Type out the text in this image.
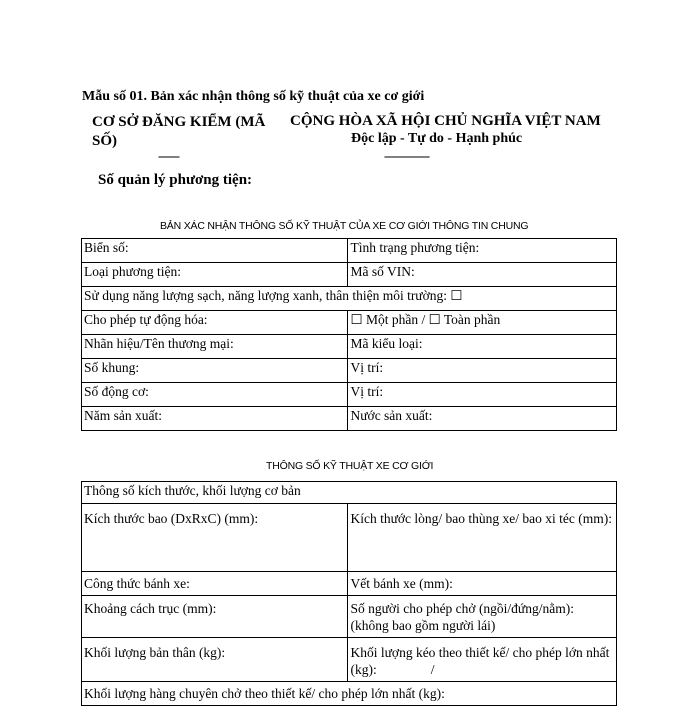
Mẫu số 01. Bản xác nhận thông số kỹ thuật của xe cơ giới
CƠ SỞ ĐĂNG KIỂM (MÃ SỐ)
-------
CỘNG HÒA XÃ HỘI CHỦ NGHĨA VIỆT NAM
Độc lập - Tự do - Hạnh phúc
---------------
Số quản lý phương tiện:
BẢN XÁC NHẬN THÔNG SỐ KỸ THUẬT CỦA XE CƠ GIỚI THÔNG TIN CHUNG
Biển số:	Tình trạng phương tiện:
Loại phương tiện:	Mã số VIN:
Sử dụng năng lượng sạch, năng lượng xanh, thân thiện môi trường: ☐	
Cho phép tự động hóa:	☐ Một phần / ☐ Toàn phần
Nhãn hiệu/Tên thương mại:	Mã kiểu loại:
Số khung:	Vị trí:
Số động cơ:	Vị trí:
Năm sản xuất:	Nước sản xuất:
THÔNG SỐ KỸ THUẬT XE CƠ GIỚI
Thông số kích thước, khối lượng cơ bản	
Kích thước bao (DxRxC) (mm):	Kích thước lòng/ bao thùng xe/ bao xi téc (mm):
Công thức bánh xe:	Vết bánh xe (mm):
Khoảng cách trục (mm):	Số người cho phép chở (ngồi/đứng/nằm): (không bao gồm người lái)
Khối lượng bản thân (kg):	Khối lượng kéo theo thiết kế/ cho phép lớn nhất (kg):                /
Khối lượng hàng chuyên chở theo thiết kế/ cho phép lớn nhất (kg):	
